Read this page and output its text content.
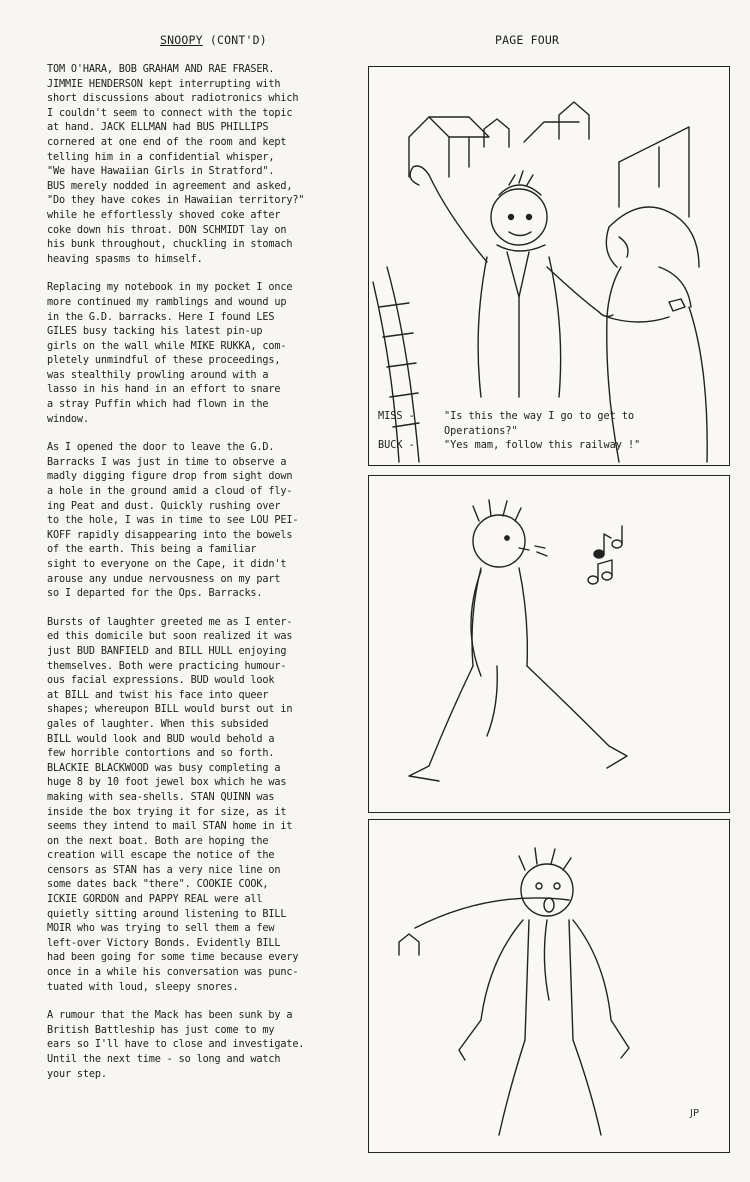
SNOOPY (CONT'D)	PAGE FOUR

TOM O'HARA, BOB GRAHAM AND RAE FRASER.
JIMMIE HENDERSON kept interrupting with
short discussions about radiotronics which
I couldn't seem to connect with the topic
at hand. JACK ELLMAN had BUS PHILLIPS
cornered at one end of the room and kept
telling him in a confidential whisper,
"We have Hawaiian Girls in Stratford".
BUS merely nodded in agreement and asked,
"Do they have cokes in Hawaiian territory?"
while he effortlessly shoved coke after
coke down his throat. DON SCHMIDT lay on
his bunk throughout, chuckling in stomach
heaving spasms to himself.

Replacing my notebook in my pocket I once
more continued my ramblings and wound up
in the G.D. barracks. Here I found LES
GILES busy tacking his latest pin-up
girls on the wall while MIKE RUKKA, com-
pletely unmindful of these proceedings,
was stealthily prowling around with a
lasso in his hand in an effort to snare
a stray Puffin which had flown in the
window.

As I opened the door to leave the G.D.
Barracks I was just in time to observe a
madly digging figure drop from sight down
a hole in the ground amid a cloud of fly-
ing Peat and dust. Quickly rushing over
to the hole, I was in time to see LOU PEI-
KOFF rapidly disappearing into the bowels
of the earth. This being a familiar
sight to everyone on the Cape, it didn't
arouse any undue nervousness on my part
so I departed for the Ops. Barracks.

Bursts of laughter greeted me as I enter-
ed this domicile but soon realized it was
just BUD BANFIELD and BILL HULL enjoying
themselves. Both were practicing humour-
ous facial expressions. BUD would look
at BILL and twist his face into queer
shapes; whereupon BILL would burst out in
gales of laughter. When this subsided
BILL would look and BUD would behold a
few horrible contortions and so forth.
BLACKIE BLACKWOOD was busy completing a
huge 8 by 10 foot jewel box which he was
making with sea-shells. STAN QUINN was
inside the box trying it for size, as it
seems they intend to mail STAN home in it
on the next boat. Both are hoping the
creation will escape the notice of the
censors as STAN has a very nice line on
some dates back "there". COOKIE COOK,
ICKIE GORDON and PAPPY REAL were all
quietly sitting around listening to BILL
MOIR who was trying to sell them a few
left-over Victory Bonds. Evidently BILL
had been going for some time because every
once in a while his conversation was punc-
tuated with loud, sleepy snores.

A rumour that the Mack has been sunk by a
British Battleship has just come to my
ears so I'll have to close and investigate.
Until the next time - so long and watch
your step.

MISS -	"Is this the way I go to get to
Operations?"
BUCK -	"Yes mam, follow this railway !"
JP
